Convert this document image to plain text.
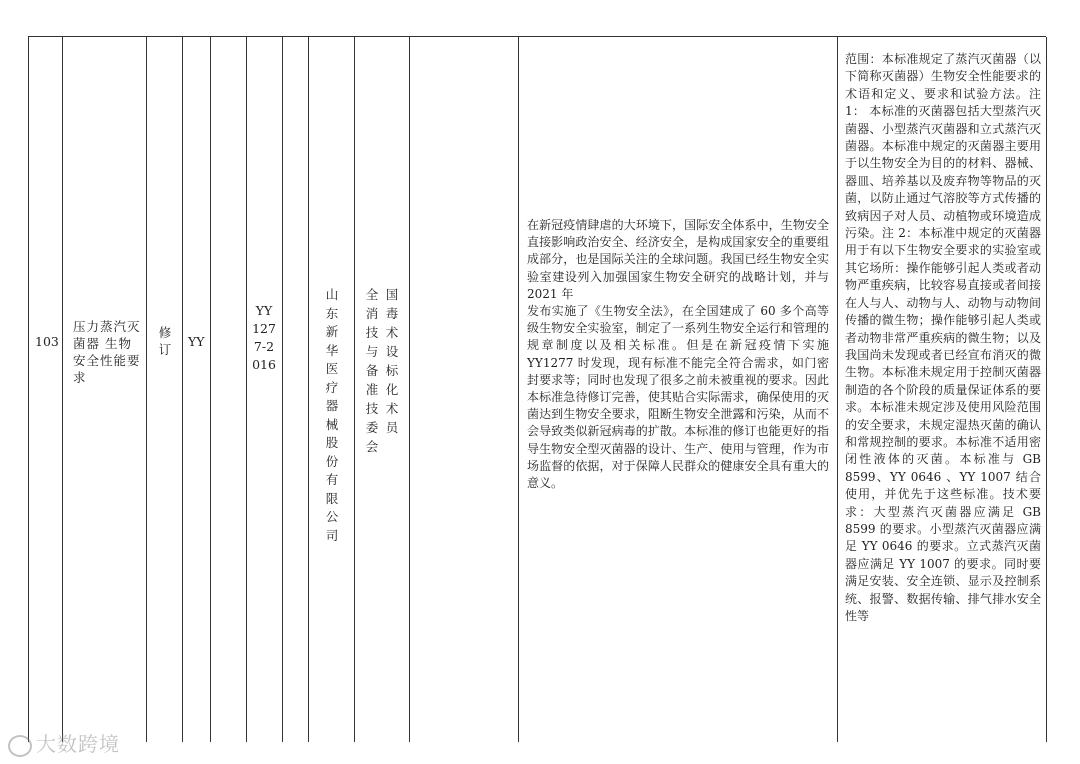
103
压力蒸汽灭菌器 生物安全性能要求
修订
YY
YY 1277-2016
山东新华医疗器械股份有限公司
全消技与备准技委会
国毒术设标化术员
在新冠疫情肆虐的大环境下，国际安全体系中，生物安全直接影响政治安全、经济安全，是构成国家安全的重要组成部分，也是国际关注的全球问题。我国已经生物安全实验室建设列入加强国家生物安全研究的战略计划，并与 2021 年
发布实施了《生物安全法》，在全国建成了 60 多个高等级生物安全实验室，制定了一系列生物安全运行和管理的规章制度以及相关标准。但是在新冠疫情下实施 YY1277 时发现，现有标准不能完全符合需求，如门密封要求等；同时也发现了很多之前未被重视的要求。因此本标准急待修订完善，使其贴合实际需求，确保使用的灭菌达到生物安全要求，阻断生物安全泄露和污染，从而不会导致类似新冠病毒的扩散。本标准的修订也能更好的指导生物安全型灭菌器的设计、生产、使用与管理，作为市场监督的依据，对于保障人民群众的健康安全具有重大的意义。
范围：本标准规定了蒸汽灭菌器（以下简称灭菌器）生物安全性能要求的术语和定义、要求和试验方法。注 1： 本标准的灭菌器包括大型蒸汽灭菌器、小型蒸汽灭菌器和立式蒸汽灭菌器。本标准中规定的灭菌器主要用于以生物安全为目的的材料、器械、器皿、培养基以及废弃物等物品的灭菌，以防止通过气溶胶等方式传播的致病因子对人员、动植物或环境造成污染。注 2：本标准中规定的灭菌器用于有以下生物安全要求的实验室或其它场所：操作能够引起人类或者动物严重疾病，比较容易直接或者间接在人与人、动物与人、动物与动物间传播的微生物；操作能够引起人类或者动物非常严重疾病的微生物；以及我国尚未发现或者已经宣布消灭的微生物。本标准未规定用于控制灭菌器制造的各个阶段的质量保证体系的要求。本标准未规定涉及使用风险范围的安全要求，未规定湿热灭菌的确认和常规控制的要求。本标准不适用密闭性液体的灭菌。本标准与 GB 8599、YY 0646 、YY 1007 结合使用，并优先于这些标准。技术要求：大型蒸汽灭菌器应满足 GB 8599 的要求。小型蒸汽灭菌器应满足 YY 0646 的要求。立式蒸汽灭菌器应满足 YY 1007 的要求。同时要满足安装、安全连锁、显示及控制系统、报警、数据传输、排气排水安全性等
大数跨境
